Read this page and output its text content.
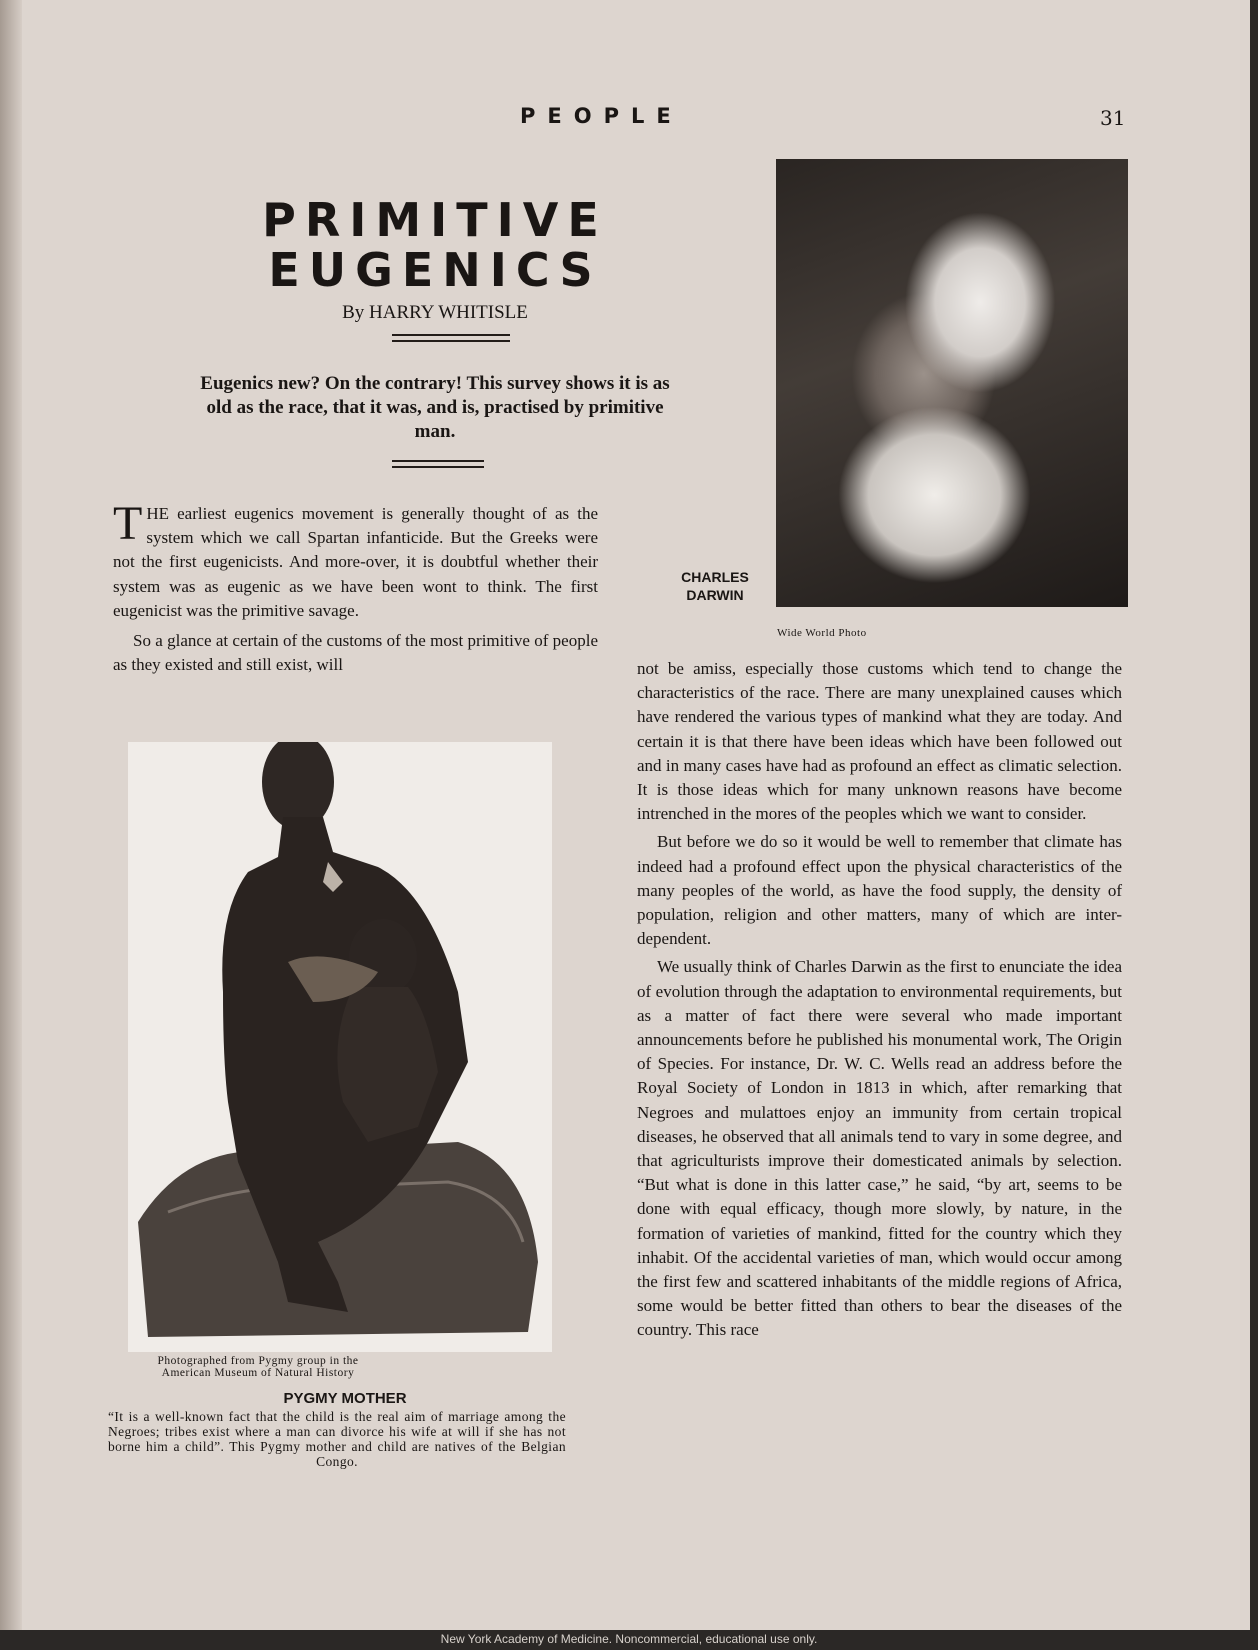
PEOPLE	31
PRIMITIVE
EUGENICS
By HARRY WHITISLE
Eugenics new? On the contrary! This survey shows it is as old as the race, that it was, and is, practised by primitive man.

THE earliest eugenics movement is generally thought of as the system which we call Spartan infanticide. But the Greeks were not the first eugenicists. And more-over, it is doubtful whether their system was as eugenic as we have been wont to think. The first eugenicist was the primitive savage.

So a glance at certain of the customs of the most primitive of people as they existed and still exist, will

CHARLES
DARWIN
Wide World Photo
Photographed from Pygmy group in the
American Museum of Natural History
PYGMY MOTHER
“It is a well-known fact that the child is the real aim of marriage among the Negroes; tribes exist where a man can divorce his wife at will if she has not borne him a child”. This Pygmy mother and child are natives of the Belgian Congo.

not be amiss, especially those customs which tend to change the characteristics of the race. There are many unexplained causes which have rendered the various types of mankind what they are today. And certain it is that there have been ideas which have been followed out and in many cases have had as profound an effect as climatic selection. It is those ideas which for many unknown reasons have become intrenched in the mores of the peoples which we want to consider.

But before we do so it would be well to remember that climate has indeed had a profound effect upon the physical characteristics of the many peoples of the world, as have the food supply, the density of population, religion and other matters, many of which are inter-dependent.

We usually think of Charles Darwin as the first to enunciate the idea of evolution through the adaptation to environmental requirements, but as a matter of fact there were several who made important announcements before he published his monumental work, The Origin of Species. For instance, Dr. W. C. Wells read an address before the Royal Society of London in 1813 in which, after remarking that Negroes and mulattoes enjoy an immunity from certain tropical diseases, he observed that all animals tend to vary in some degree, and that agriculturists improve their domesticated animals by selection. “But what is done in this latter case,” he said, “by art, seems to be done with equal efficacy, though more slowly, by nature, in the formation of varieties of mankind, fitted for the country which they inhabit. Of the accidental varieties of man, which would occur among the first few and scattered inhabitants of the middle regions of Africa, some would be better fitted than others to bear the diseases of the country. This race

New York Academy of Medicine. Noncommercial, educational use only.
